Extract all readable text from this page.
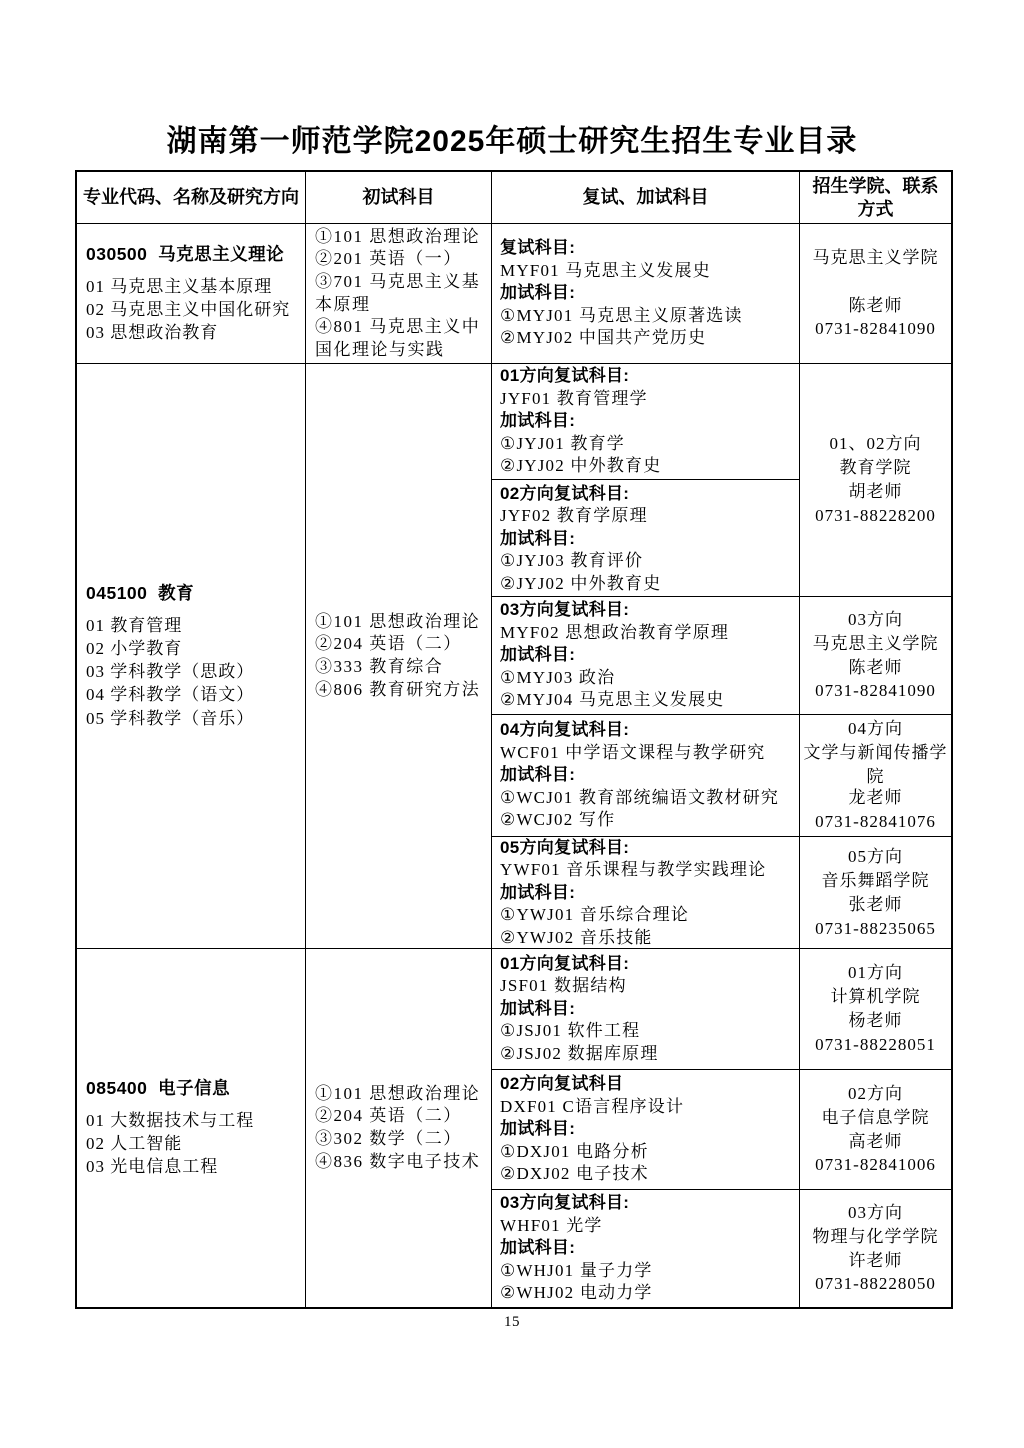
湖南第一师范学院2025年硕士研究生招生专业目录
专业代码、名称及研究方向	初试科目	复试、加试科目
招生学院、联系方式
030500  马克思主义理论
01 马克思主义基本原理
02 马克思主义中国化研究
03 思想政治教育
①101 思想政治理论
②201 英语（一）
③701 马克思主义基本原理
④801 马克思主义中国化理论与实践
复试科目:
MYF01 马克思主义发展史
加试科目:
①MYJ01 马克思主义原著选读
②MYJ02 中国共产党历史
马克思主义学院
陈老师
0731-82841090
045100  教育
01 教育管理
02 小学教育
03 学科教学（思政）
04 学科教学（语文）
05 学科教学（音乐）
①101 思想政治理论
②204 英语（二）
③333 教育综合
④806 教育研究方法
01方向复试科目:
JYF01 教育管理学
加试科目:
①JYJ01 教育学
②JYJ02 中外教育史
02方向复试科目:
JYF02 教育学原理
加试科目:
①JYJ03 教育评价
②JYJ02 中外教育史
01、02方向
教育学院
胡老师
0731-88228200
03方向复试科目:
MYF02 思想政治教育学原理
加试科目:
①MYJ03 政治
②MYJ04 马克思主义发展史
03方向
马克思主义学院
陈老师
0731-82841090
04方向复试科目:
WCF01 中学语文课程与教学研究
加试科目:
①WCJ01 教育部统编语文教材研究
②WCJ02 写作
04方向
文学与新闻传播学院
龙老师
0731-82841076
05方向复试科目:
YWF01 音乐课程与教学实践理论
加试科目:
①YWJ01 音乐综合理论
②YWJ02 音乐技能
05方向
音乐舞蹈学院
张老师
0731-88235065
085400  电子信息
01 大数据技术与工程
02 人工智能
03 光电信息工程
①101 思想政治理论
②204 英语（二）
③302 数学（二）
④836 数字电子技术
01方向复试科目:
JSF01 数据结构
加试科目:
①JSJ01 软件工程
②JSJ02 数据库原理
01方向
计算机学院
杨老师
0731-88228051
02方向复试科目
DXF01 C语言程序设计
加试科目:
①DXJ01 电路分析
②DXJ02 电子技术
02方向
电子信息学院
高老师
0731-82841006
03方向复试科目:
WHF01 光学
加试科目:
①WHJ01 量子力学
②WHJ02 电动力学
03方向
物理与化学学院
许老师
0731-88228050
15
